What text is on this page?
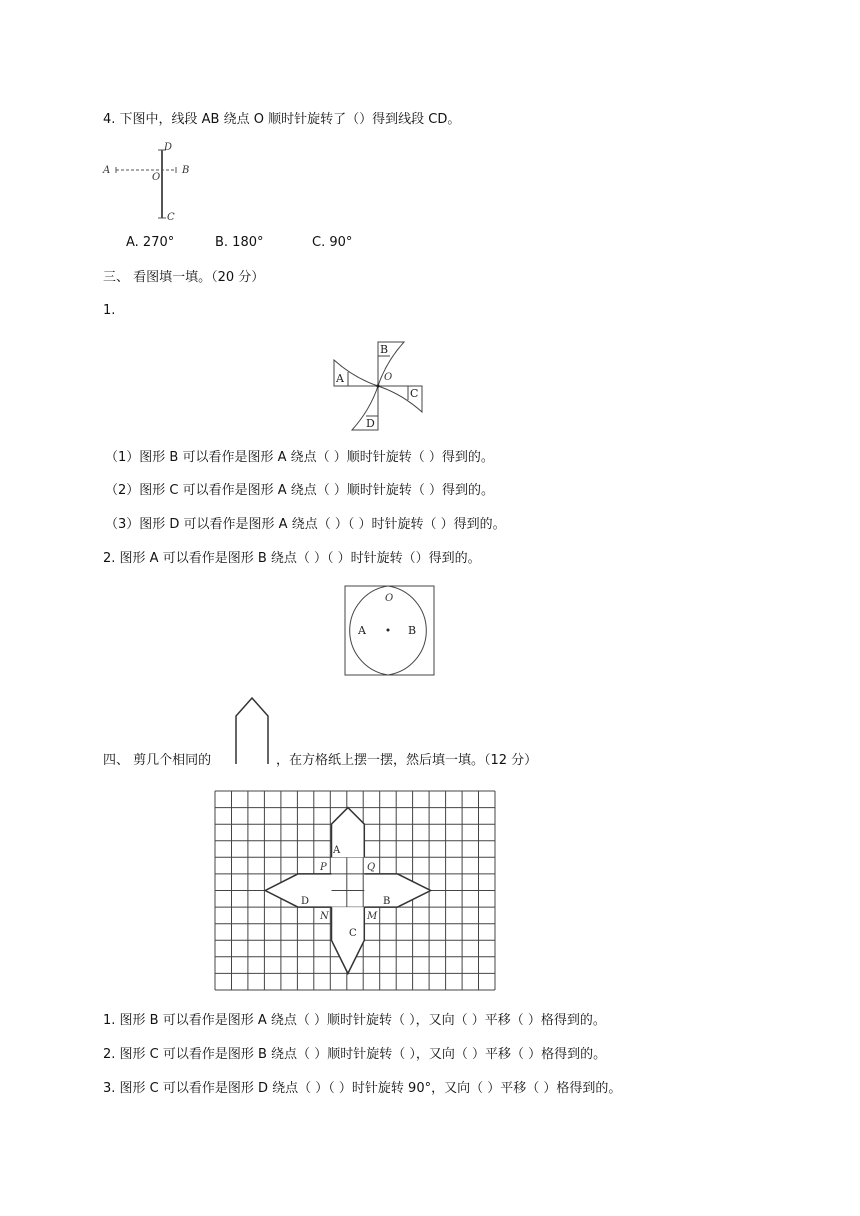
4. 下图中，线段 AB 绕点 O 顺时针旋转了（）得到线段 CD。
A	B
D
C
O
A. 270°	B. 180°	C. 90°
三、 看图填一填。（20 分）
1.
B
C
D
A	O
（1）图形 B 可以看作是图形 A 绕点（ ）顺时针旋转（ ）得到的。
（2）图形 C 可以看作是图形 A 绕点（ ）顺时针旋转（ ）得到的。
（3）图形 D 可以看作是图形 A 绕点（ ）（ ）时针旋转（ ）得到的。
2. 图形 A 可以看作是图形 B 绕点（ ）（ ）时针旋转（）得到的。
A	B
O
四、 剪几个相同的	，在方格纸上摆一摆，然后填一填。（12 分）
A
B
C
D
P	Q
M
N
1. 图形 B 可以看作是图形 A 绕点（ ）顺时针旋转（ ），又向（ ）平移（ ）格得到的。
2. 图形 C 可以看作是图形 B 绕点（ ）顺时针旋转（ ），又向（ ）平移（ ）格得到的。
3. 图形 C 可以看作是图形 D 绕点（ ）（ ）时针旋转 90°，又向（ ）平移（ ）格得到的。
